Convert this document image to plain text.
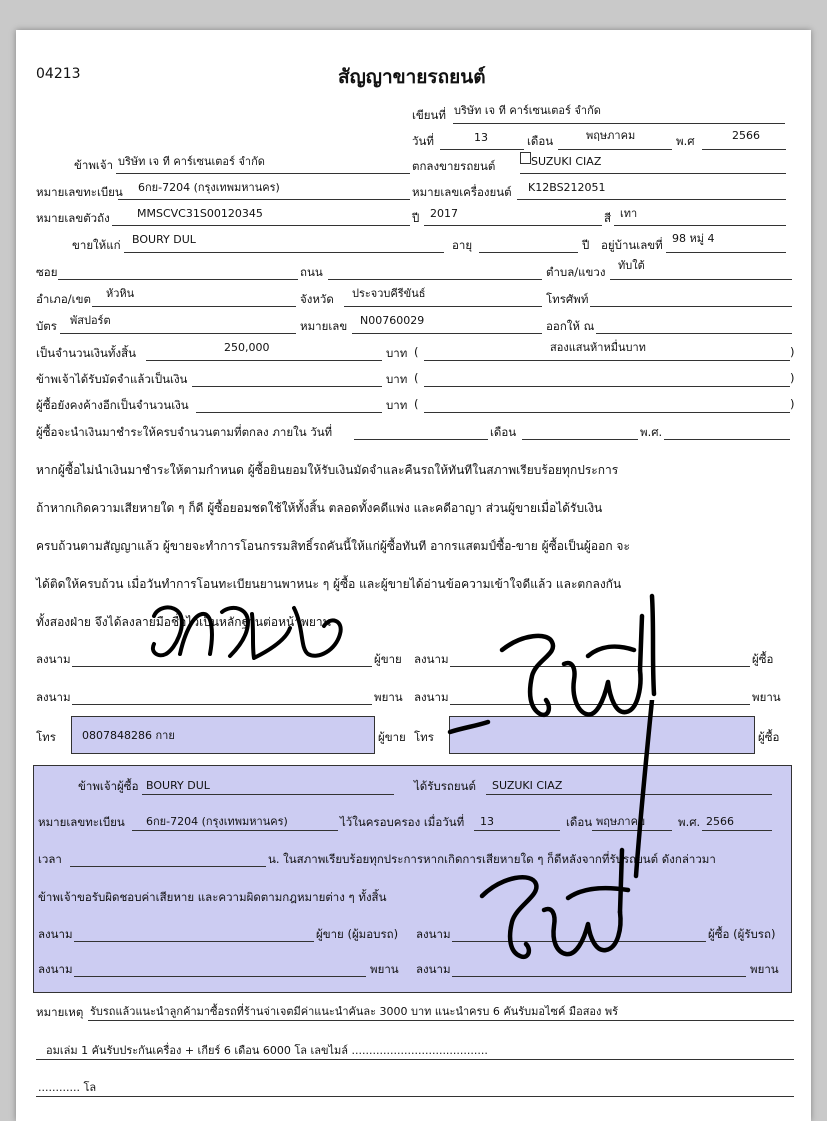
04213	สัญญาขายรถยนต์
เขียนที่ บริษัท เจ ที คาร์เซนเตอร์ จำกัด
วันที่	13	เดือน	พฤษภาคม	พ.ศ	2566
ข้าพเจ้า บริษัท เจ ที คาร์เซนเตอร์ จำกัด	ตกลงขายรถยนต์	SUZUKI CIAZ
หมายเลขทะเบียน 6กย-7204 (กรุงเทพมหานคร)	หมายเลขเครื่องยนต์ K12BS212051
หมายเลขตัวถัง MMSCVC31S00120345	ปี 2017	สี เทา
ขายให้แก่ BOURY DUL	อายุ	ปี อยู่บ้านเลขที่ 98 หมู่ 4
ซอย	ถนน	ตำบล/แขวง ทับใต้
อำเภอ/เขต หัวหิน	จังหวัด ประจวบคีรีขันธ์	โทรศัพท์
บัตร พัสปอร์ต	หมายเลข N00760029	ออกให้ ณ
เป็นจำนวนเงินทั้งสิ้น	250,000	บาท (	สองแสนห้าหมื่นบาท	)
ข้าพเจ้าได้รับมัดจำแล้วเป็นเงิน	บาท (	)
ผู้ซื้อยังคงค้างอีกเป็นจำนวนเงิน	บาท (	)
ผู้ซื้อจะนำเงินมาชำระให้ครบจำนวนตามที่ตกลง ภายใน วันที่	เดือน	พ.ศ.
หากผู้ซื้อไม่นำเงินมาชำระให้ตามกำหนด ผู้ซื้อยินยอมให้รับเงินมัดจำและคืนรถให้ทันทีในสภาพเรียบร้อยทุกประการ
ถ้าหากเกิดความเสียหายใด ๆ ก็ดี ผู้ซื้อยอมชดใช้ให้ทั้งสิ้น ตลอดทั้งคดีแพ่ง และคดีอาญา ส่วนผู้ขายเมื่อได้รับเงิน
ครบถ้วนตามสัญญาแล้ว ผู้ขายจะทำการโอนกรรมสิทธิ์รถคันนี้ให้แก่ผู้ซื้อทันที อากรแสตมป์ซื้อ-ขาย ผู้ซื้อเป็นผู้ออก จะ
ได้ติดให้ครบถ้วน เมื่อวันทำการโอนทะเบียนยานพาหนะ ๆ ผู้ซื้อ และผู้ขายได้อ่านข้อความเข้าใจดีแล้ว และตกลงกัน
ทั้งสองฝ่าย จึงได้ลงลายมือชื่อไว้เป็นหลักฐานต่อหน้าพยาน
ลงนาม	ผู้ขาย ลงนาม	ผู้ซื้อ
ลงนาม	พยาน ลงนาม	พยาน
โทร 0807848286 กาย	ผู้ขาย โทร	ผู้ซื้อ
ข้าพเจ้าผู้ซื้อ BOURY DUL	ได้รับรถยนต์ SUZUKI CIAZ
หมายเลขทะเบียน 6กย-7204 (กรุงเทพมหานคร)	ไว้ในครอบครอง เมื่อวันที่ 13	เดือน พฤษภาคม	พ.ศ. 2566
เวลา	น. ในสภาพเรียบร้อยทุกประการหากเกิดการเสียหายใด ๆ ก็ดีหลังจากที่รับรถยนต์ ดังกล่าวมา
ข้าพเจ้าขอรับผิดชอบค่าเสียหาย และความผิดตามกฎหมายต่าง ๆ ทั้งสิ้น
ลงนาม	ผู้ขาย (ผู้มอบรถ) ลงนาม	ผู้ซื้อ (ผู้รับรถ)
ลงนาม	พยาน ลงนาม	พยาน
หมายเหตุ รับรถแล้วแนะนำลูกค้ามาซื้อรถที่ร้านจ่าเจตมีค่าแนะนำคันละ 3000 บาท แนะนำครบ 6 คันรับมอไซค์ มือสอง พร้
อมเล่ม 1 คันรับประกันเครื่อง + เกียร์ 6 เดือน 6000 โล เลขไมล์ .......................................
............ โล
